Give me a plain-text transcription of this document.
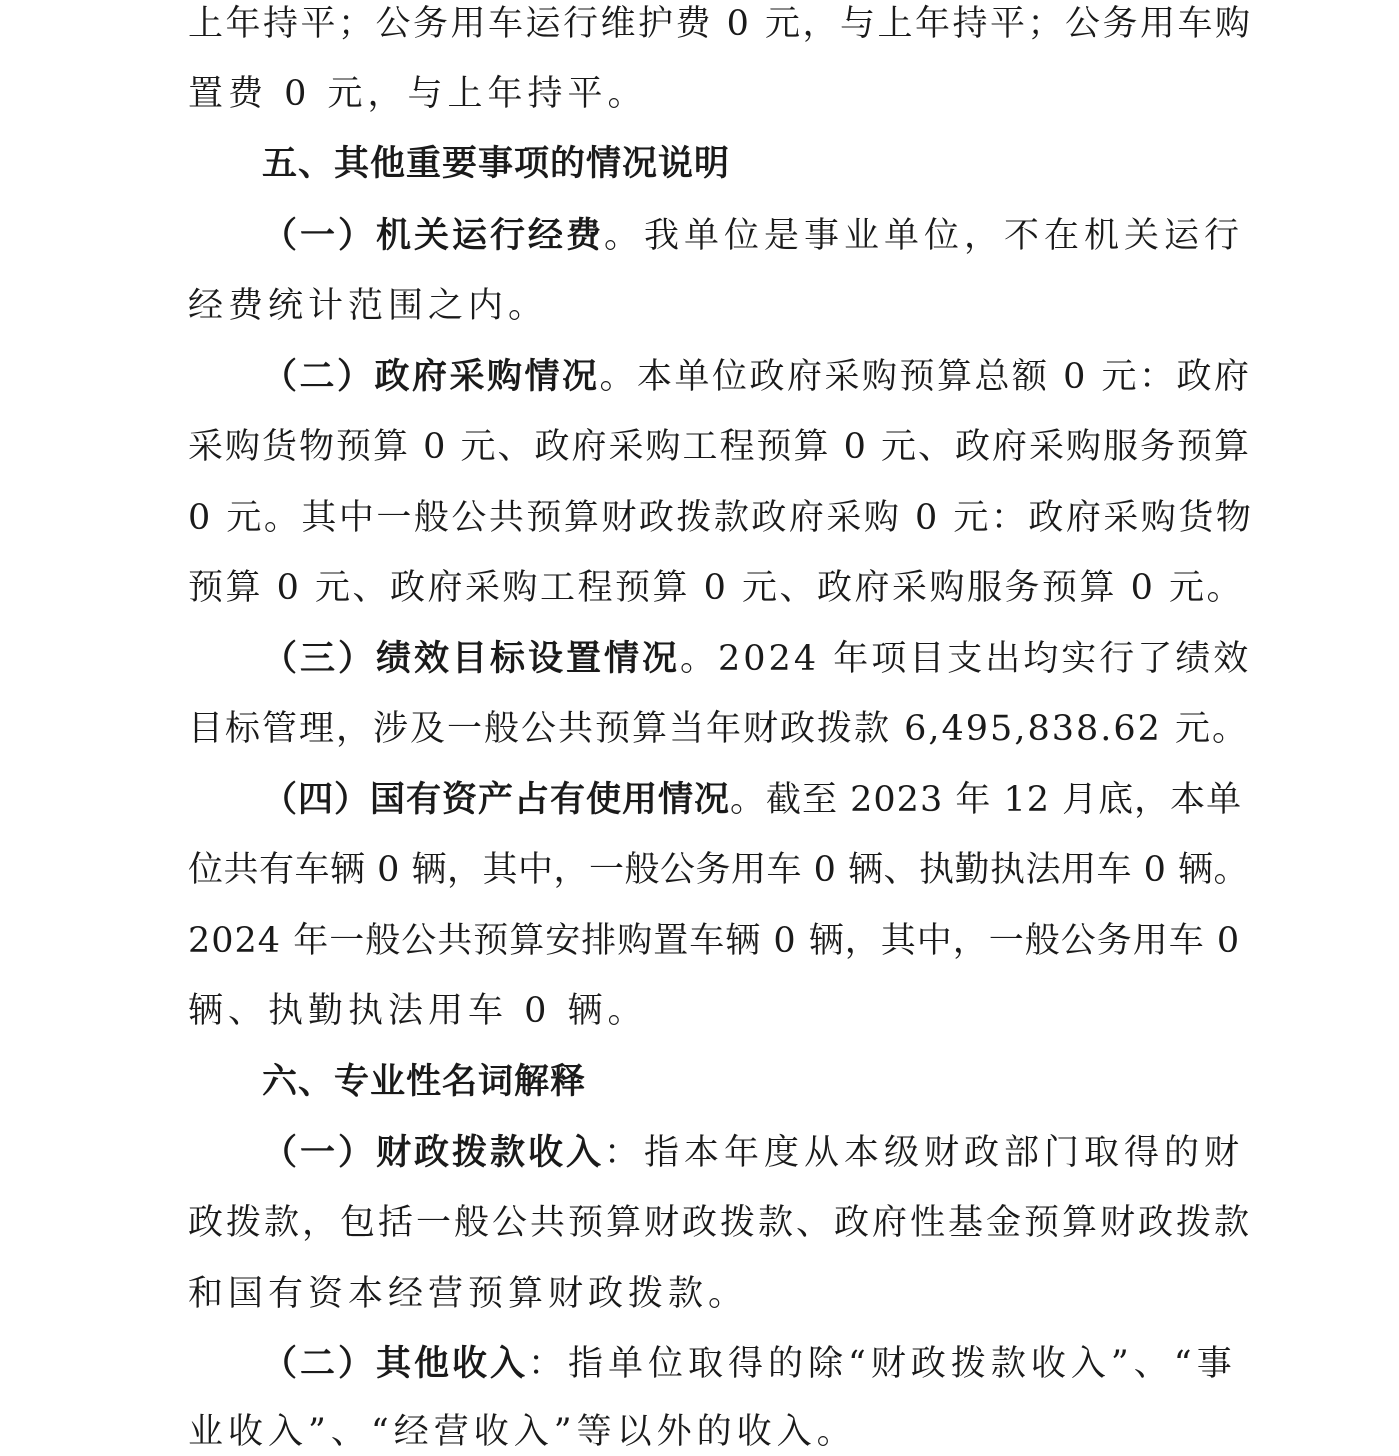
上年持平；公务用车运行维护费 0 元，与上年持平；公务用车购

置费 0 元，与上年持平。

五、其他重要事项的情况说明

（一）机关运行经费。我单位是事业单位，不在机关运行

经费统计范围之内。

（二）政府采购情况。本单位政府采购预算总额 0 元：政府

采购货物预算 0 元、政府采购工程预算 0 元、政府采购服务预算

0 元。其中一般公共预算财政拨款政府采购 0 元：政府采购货物

预算 0 元、政府采购工程预算 0 元、政府采购服务预算 0 元。

（三）绩效目标设置情况。2024 年项目支出均实行了绩效

目标管理，涉及一般公共预算当年财政拨款 6,495,838.62 元。

（四）国有资产占有使用情况。截至 2023 年 12 月底，本单

位共有车辆 0 辆，其中，一般公务用车 0 辆、执勤执法用车 0 辆。

2024 年一般公共预算安排购置车辆 0 辆，其中，一般公务用车 0

辆、执勤执法用车 0 辆。

六、专业性名词解释

（一）财政拨款收入：指本年度从本级财政部门取得的财

政拨款，包括一般公共预算财政拨款、政府性基金预算财政拨款

和国有资本经营预算财政拨款。

（二）其他收入：指单位取得的除“财政拨款收入”、“事

业收入”、“经营收入”等以外的收入。
